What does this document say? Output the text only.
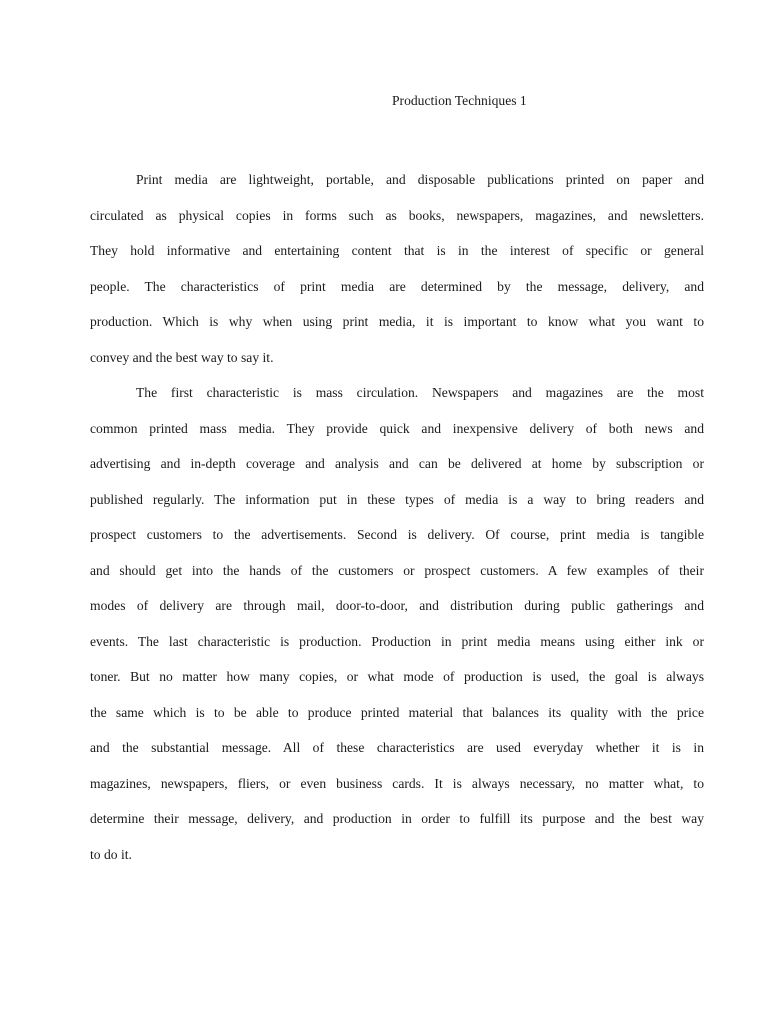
Production Techniques 1
Print media are lightweight, portable, and disposable publications printed on paper and
circulated as physical copies in forms such as books, newspapers, magazines, and newsletters.
They hold informative and entertaining content that is in the interest of specific or general
people. The characteristics of print media are determined by the message, delivery, and
production. Which is why when using print media, it is important to know what you want to
convey and the best way to say it.
The first characteristic is mass circulation. Newspapers and magazines are the most
common printed mass media. They provide quick and inexpensive delivery of both news and
advertising and in-depth coverage and analysis and can be delivered at home by subscription or
published regularly. The information put in these types of media is a way to bring readers and
prospect customers to the advertisements. Second is delivery. Of course, print media is tangible
and should get into the hands of the customers or prospect customers. A few examples of their
modes of delivery are through mail, door-to-door, and distribution during public gatherings and
events. The last characteristic is production. Production in print media means using either ink or
toner. But no matter how many copies, or what mode of production is used, the goal is always
the same which is to be able to produce printed material that balances its quality with the price
and the substantial message. All of these characteristics are used everyday whether it is in
magazines, newspapers, fliers, or even business cards. It is always necessary, no matter what, to
determine their message, delivery, and production in order to fulfill its purpose and the best way
to do it.
